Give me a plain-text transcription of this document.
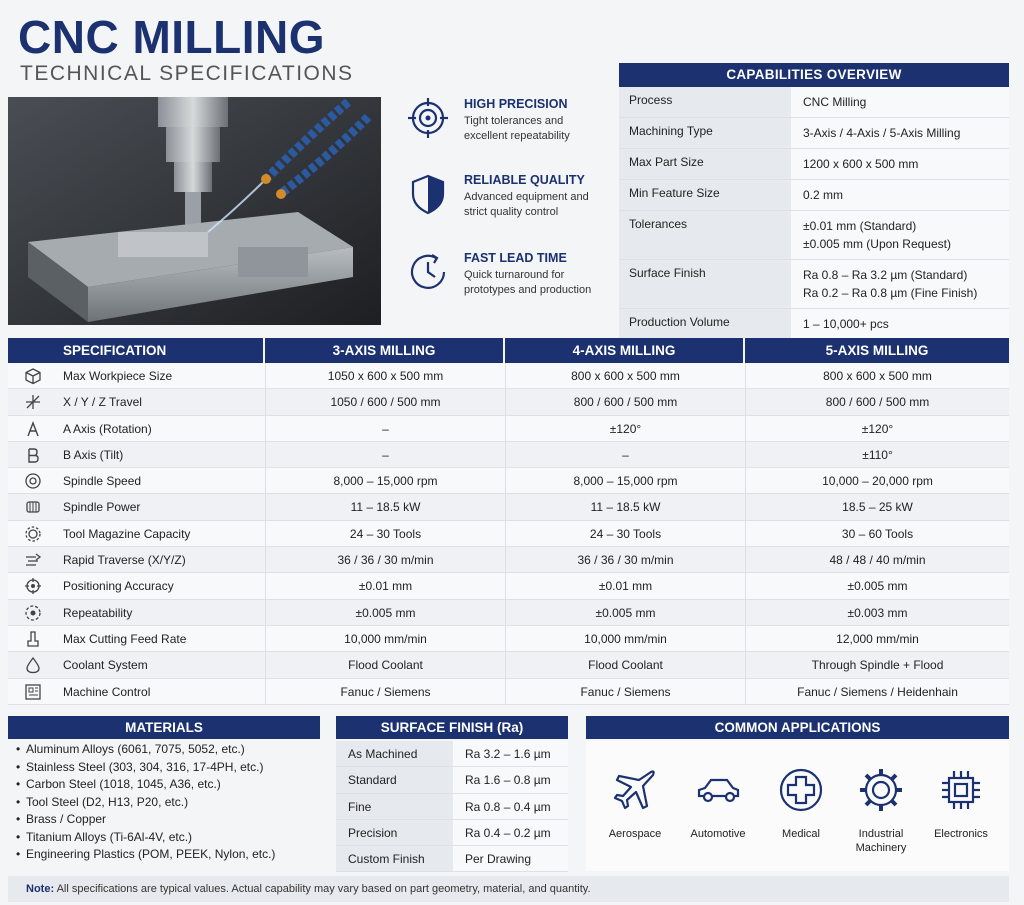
CNC MILLING
TECHNICAL SPECIFICATIONS
HIGH PRECISION
Tight tolerances and excellent repeatability
RELIABLE QUALITY
Advanced equipment and strict quality control
FAST LEAD TIME
Quick turnaround for prototypes and production
CAPABILITIES OVERVIEW
Process	CNC Milling
Machining Type	3-Axis / 4-Axis / 5-Axis Milling
Max Part Size	1200 x 600 x 500 mm
Min Feature Size	0.2 mm
Tolerances	±0.01 mm (Standard)
±0.005 mm (Upon Request)
Surface Finish	Ra 0.8 – Ra 3.2 µm (Standard)
Ra 0.2 – Ra 0.8 µm (Fine Finish)
Production Volume	1 – 10,000+ pcs
SPECIFICATION	3-AXIS MILLING	4-AXIS MILLING	5-AXIS MILLING
Max Workpiece Size	1050 x 600 x 500 mm	800 x 600 x 500 mm	800 x 600 x 500 mm
X / Y / Z Travel	1050 / 600 / 500 mm	800 / 600 / 500 mm	800 / 600 / 500 mm
A Axis (Rotation)	–	±120°	±120°
B Axis (Tilt)	–	–	±110°
Spindle Speed	8,000 – 15,000 rpm	8,000 – 15,000 rpm	10,000 – 20,000 rpm
Spindle Power	11 – 18.5 kW	11 – 18.5 kW	18.5 – 25 kW
Tool Magazine Capacity	24 – 30 Tools	24 – 30 Tools	30 – 60 Tools
Rapid Traverse (X/Y/Z)	36 / 36 / 30 m/min	36 / 36 / 30 m/min	48 / 48 / 40 m/min
Positioning Accuracy	±0.01 mm	±0.01 mm	±0.005 mm
Repeatability	±0.005 mm	±0.005 mm	±0.003 mm
Max Cutting Feed Rate	10,000 mm/min	10,000 mm/min	12,000 mm/min
Coolant System	Flood Coolant	Flood Coolant	Through Spindle + Flood
Machine Control	Fanuc / Siemens	Fanuc / Siemens	Fanuc / Siemens / Heidenhain
MATERIALS	SURFACE FINISH (Ra)	COMMON APPLICATIONS
• Aluminum Alloys (6061, 7075, 5052, etc.)
• Stainless Steel (303, 304, 316, 17-4PH, etc.)
• Carbon Steel (1018, 1045, A36, etc.)
• Tool Steel (D2, H13, P20, etc.)
• Brass / Copper
• Titanium Alloys (Ti-6Al-4V, etc.)
• Engineering Plastics (POM, PEEK, Nylon, etc.)
As Machined	Ra 3.2 – 1.6 µm
Standard	Ra 1.6 – 0.8 µm
Fine	Ra 0.8 – 0.4 µm
Precision	Ra 0.4 – 0.2 µm
Custom Finish	Per Drawing
Aerospace	Automotive	Medical	Industrial Machinery
Electronics
Note: All specifications are typical values. Actual capability may vary based on part geometry, material, and quantity.
